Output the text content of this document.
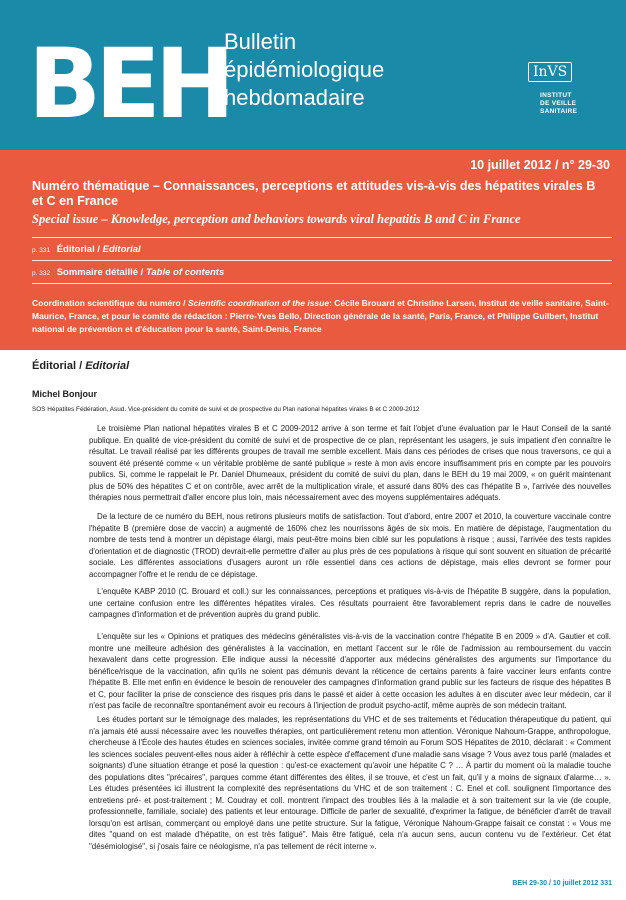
BEH
Bulletin
épidémiologique
hebdomadaire
InVS
INSTITUT
DE VEILLE SANITAIRE
10 juillet 2012 / n° 29-30
Numéro thématique – Connaissances, perceptions et attitudes vis-à-vis des hépatites virales B et C en France
Special issue – Knowledge, perception and behaviors towards viral hepatitis B and C in France
p. 331 Éditorial / Editorial
p. 332 Sommaire détaillé / Table of contents
Coordination scientifique du numéro / Scientific coordination of the issue: Cécile Brouard et Christine Larsen, Institut de veille sanitaire, Saint-Maurice, France, et pour le comité de rédaction : Pierre-Yves Bello, Direction générale de la santé, Paris, France, et Philippe Guilbert, Institut national de prévention et d'éducation pour la santé, Saint-Denis, France
Éditorial / Editorial
Michel Bonjour
SOS Hépatites Fédération, Asud. Vice-président du comité de suivi et de prospective du Plan national hépatites virales B et C 2009-2012
Le troisième Plan national hépatites virales B et C 2009-2012 arrive à son terme et fait l'objet d'une évaluation par le Haut Conseil de la santé publique. En qualité de vice-président du comité de suivi et de prospective de ce plan, représentant les usagers, je suis impatient d'en connaître le résultat. Le travail réalisé par les différents groupes de travail me semble excellent. Mais dans ces périodes de crises que nous traversons, ce qui a souvent été présenté comme « un véritable problème de santé publique » reste à mon avis encore insuffisamment pris en compte par les pouvoirs publics. Si, comme le rappelait le Pr. Daniel Dhumeaux, président du comité de suivi du plan, dans le BEH du 19 mai 2009, « on guérit maintenant plus de 50% des hépatites C et on contrôle, avec arrêt de la multiplication virale, et assuré dans 80% des cas l'hépatite B », l'arrivée des nouvelles thérapies nous permettrait d'aller encore plus loin, mais nécessairement avec des moyens supplémentaires adéquats.
De la lecture de ce numéro du BEH, nous retirons plusieurs motifs de satisfaction. Tout d'abord, entre 2007 et 2010, la couverture vaccinale contre l'hépatite B (première dose de vaccin) a augmenté de 160% chez les nourrissons âgés de six mois. En matière de dépistage, l'augmentation du nombre de tests tend à montrer un dépistage élargi, mais peut-être moins bien ciblé sur les populations à risque ; aussi, l'arrivée des tests rapides d'orientation et de diagnostic (TROD) devrait-elle permettre d'aller au plus près de ces populations à risque qui sont souvent en situation de précarité sociale. Les différentes associations d'usagers auront un rôle essentiel dans ces actions de dépistage, mais elles devront se former pour accompagner l'offre et le rendu de ce dépistage.
L'enquête KABP 2010 (C. Brouard et coll.) sur les connaissances, perceptions et pratiques vis-à-vis de l'hépatite B suggère, dans la population, une certaine confusion entre les différentes hépatites virales. Ces résultats pourraient être favorablement repris dans le cadre de nouvelles campagnes d'information et de prévention auprès du grand public.
L'enquête sur les « Opinions et pratiques des médecins généralistes vis-à-vis de la vaccination contre l'hépatite B en 2009 » d'A. Gautier et coll. montre une meilleure adhésion des généralistes à la vaccination, en mettant l'accent sur le rôle de l'admission au remboursement du vaccin hexavalent dans cette progression. Elle indique aussi la nécessité d'apporter aux médecins généralistes des arguments sur l'importance du bénéfice/risque de la vaccination, afin qu'ils ne soient pas démunis devant la réticence de certains parents à faire vacciner leurs enfants contre l'hépatite B. Elle met enfin en évidence le besoin de renouveler des campagnes d'information grand public sur les facteurs de risque des hépatites B et C, pour faciliter la prise de conscience des risques pris dans le passé et aider à cette occasion les adultes à en discuter avec leur médecin, car il n'est pas facile de reconnaître spontanément avoir eu recours à l'injection de produit psycho-actif, même auprès de son médecin traitant.
Les études portant sur le témoignage des malades, les représentations du VHC et de ses traitements et l'éducation thérapeutique du patient, qui n'a jamais été aussi nécessaire avec les nouvelles thérapies, ont particulièrement retenu mon attention. Véronique Nahoum-Grappe, anthropologue, chercheuse à l'École des hautes études en sciences sociales, invitée comme grand témoin au Forum SOS Hépatites de 2010, déclarait : « Comment les sciences sociales peuvent-elles nous aider à réfléchir à cette espèce d'effacement d'une maladie sans visage ? Vous avez tous parlé (malades et soignants) d'une situation étrange et posé la question : qu'est-ce exactement qu'avoir une hépatite C ? … À partir du moment où la maladie touche des populations dites "précaires", parques comme étant différentes des élites, il se trouve, et c'est un fait, qu'il y a moins de signaux d'alarme… ». Les études présentées ici illustrent la complexité des représentations du VHC et de son traitement : C. Enel et coll. soulignent l'importance des entretiens pré- et post-traitement ; M. Coudray et coll. montrent l'impact des troubles liés à la maladie et à son traitement sur la vie (de couple, professionnelle, familiale, sociale) des patients et leur entourage. Difficile de parler de sexualité, d'exprimer la fatigue, de bénéficier d'arrêt de travail lorsqu'on est artisan, commerçant ou employé dans une petite structure. Sur la fatigue, Véronique Nahoum-Grappe faisait ce constat : « Vous me dites "quand on est malade d'hépatite, on est très fatigué". Mais être fatigué, cela n'a aucun sens, aucun contenu vu de l'extérieur. Cet état "désémiologisé", si j'osais faire ce néologisme, n'a pas tellement de récit interne ».
BEH 29-30 / 10 juillet 2012 331
